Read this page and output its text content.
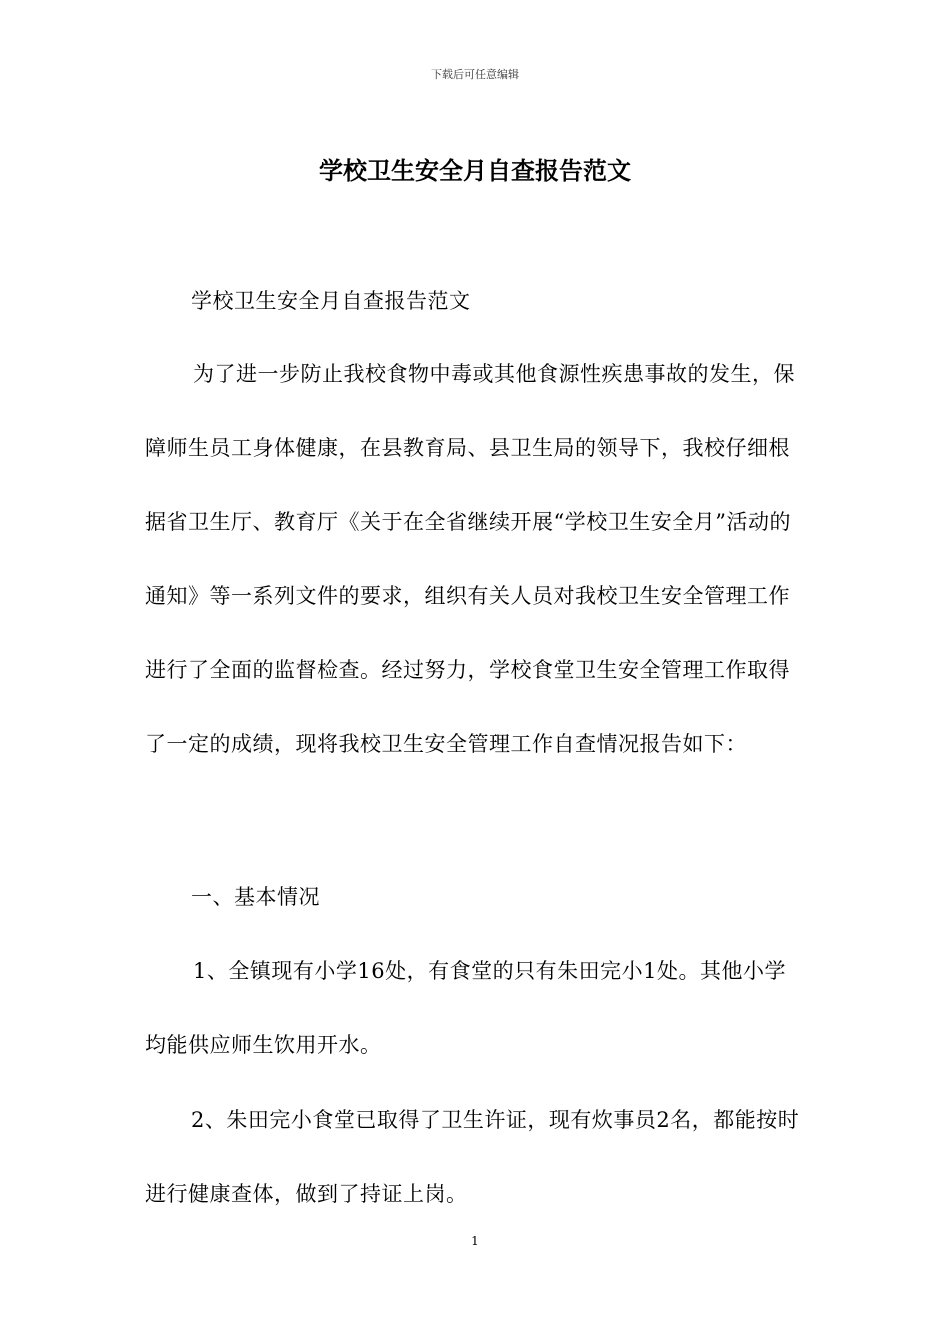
下载后可任意编辑
学校卫生安全月自查报告范文

学校卫生安全月自查报告范文

为了进一步防止我校食物中毒或其他食源性疾患事故的发生，保障师生员工身体健康，在县教育局、县卫生局的领导下，我校仔细根据省卫生厅、教育厅《关于在全省继续开展“学校卫生安全月”活动的通知》等一系列文件的要求，组织有关人员对我校卫生安全管理工作进行了全面的监督检查。经过努力，学校食堂卫生安全管理工作取得了一定的成绩，现将我校卫生安全管理工作自查情况报告如下：

一、基本情况

1、全镇现有小学16处，有食堂的只有朱田完小1处。其他小学均能供应师生饮用开水。

2、朱田完小食堂已取得了卫生许证，现有炊事员2名，都能按时进行健康查体，做到了持证上岗。

1
